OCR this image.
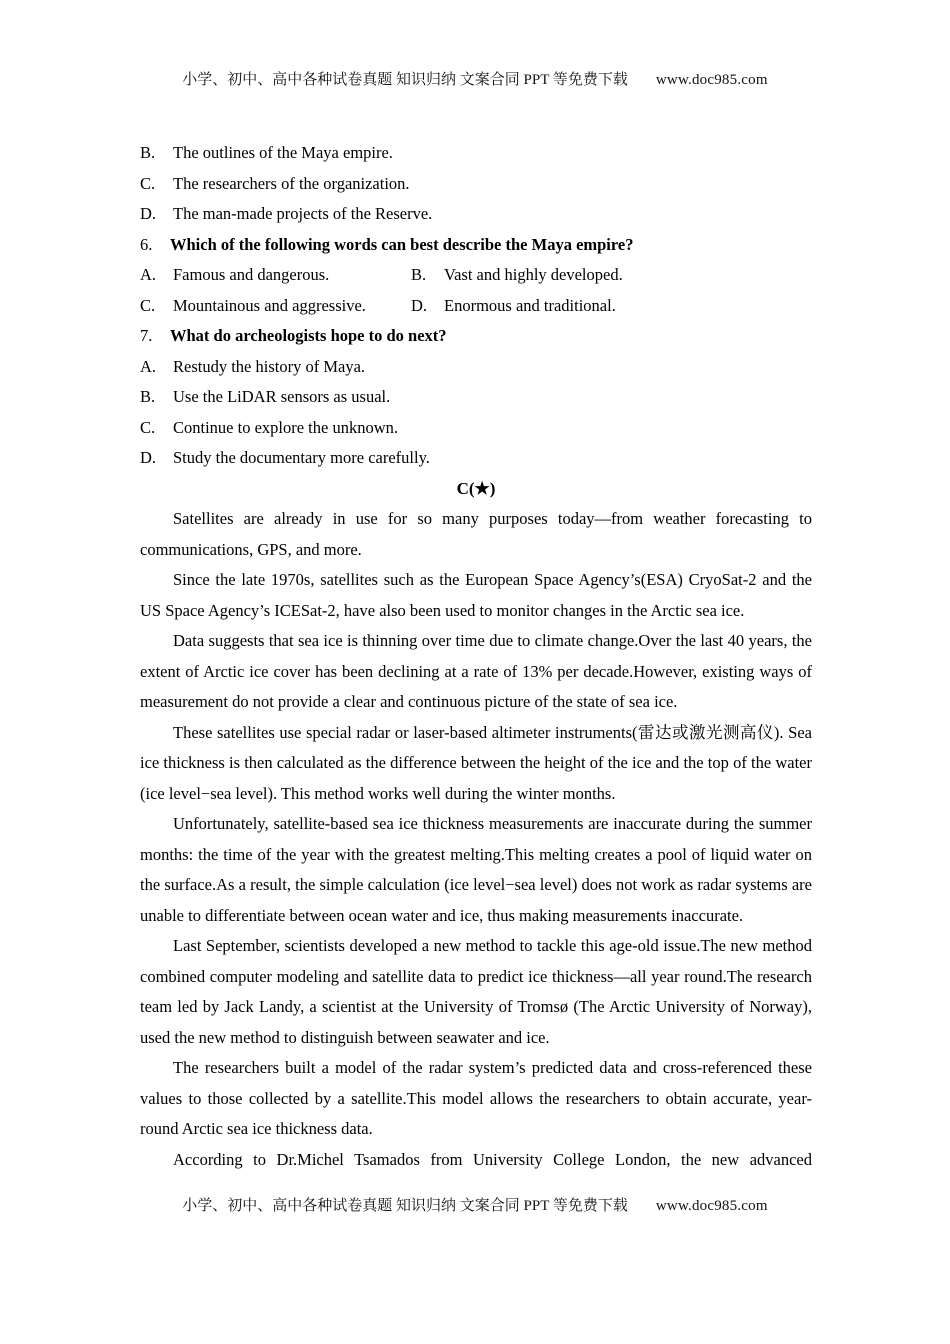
小学、初中、高中各种试卷真题 知识归纳 文案合同 PPT 等免费下载 www.doc985.com
B. The outlines of the Maya empire.
C. The researchers of the organization.
D. The man-made projects of the Reserve.
6. Which of the following words can best describe the Maya empire?
A. Famous and dangerous.	B. Vast and highly developed.
C. Mountainous and aggressive.	D. Enormous and traditional.
7. What do archeologists hope to do next?
A. Restudy the history of Maya.
B. Use the LiDAR sensors as usual.
C. Continue to explore the unknown.
D. Study the documentary more carefully.
C(★)

Satellites are already in use for so many purposes today—from weather forecasting to communications, GPS, and more.

Since the late 1970s, satellites such as the European Space Agency’s(ESA) CryoSat-2 and the US Space Agency’s ICESat-2, have also been used to monitor changes in the Arctic sea ice.

Data suggests that sea ice is thinning over time due to climate change.Over the last 40 years, the extent of Arctic ice cover has been declining at a rate of 13% per decade.However, existing ways of measurement do not provide a clear and continuous picture of the state of sea ice.

These satellites use special radar or laser-based altimeter instruments(雷达或激光测高仪). Sea ice thickness is then calculated as the difference between the height of the ice and the top of the water (ice level−sea level). This method works well during the winter months.

Unfortunately, satellite-based sea ice thickness measurements are inaccurate during the summer months: the time of the year with the greatest melting.This melting creates a pool of liquid water on the surface.As a result, the simple calculation (ice level−sea level) does not work as radar systems are unable to differentiate between ocean water and ice, thus making measurements inaccurate.

Last September, scientists developed a new method to tackle this age-old issue.The new method combined computer modeling and satellite data to predict ice thickness—all year round.The research team led by Jack Landy, a scientist at the University of Tromsø (The Arctic University of Norway), used the new method to distinguish between seawater and ice.

The researchers built a model of the radar system’s predicted data and cross-referenced these values to those collected by a satellite.This model allows the researchers to obtain accurate, year-round Arctic sea ice thickness data.

According to Dr.Michel Tsamados from University College London, the new advanced

小学、初中、高中各种试卷真题 知识归纳 文案合同 PPT 等免费下载 www.doc985.com
